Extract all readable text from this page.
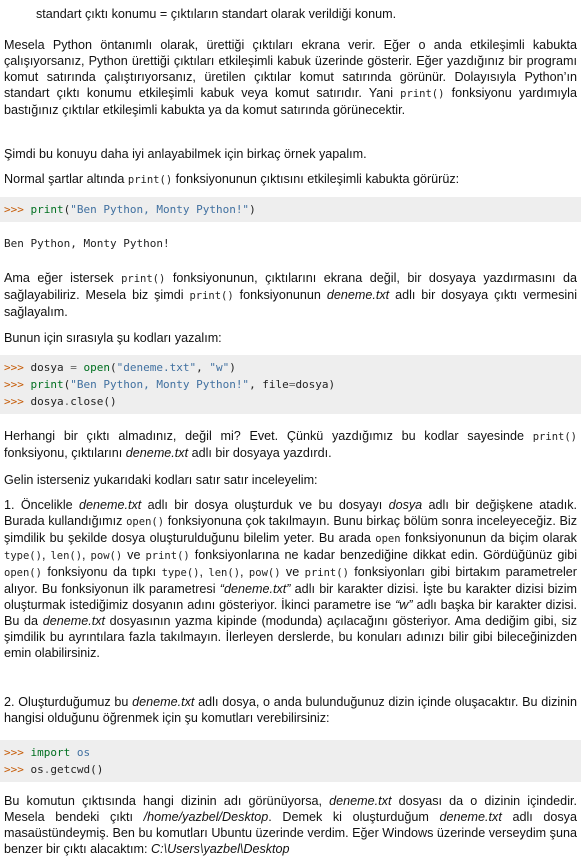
standart çıktı konumu = çıktıların standart olarak verildiği konum.

Mesela Python öntanımlı olarak, ürettiği çıktıları ekrana verir. Eğer o anda etkileşimli kabukta çalışıyorsanız, Python ürettiği çıktıları etkileşimli kabuk üzerinde gösterir. Eğer yazdığınız bir programı komut satırında çalıştırıyorsanız, üretilen çıktılar komut satırında görünür. Dolayısıyla Python’ın standart çıktı konumu etkileşimli kabuk veya komut satırıdır. Yani print() fonksiyonu yardımıyla bastığınız çıktılar etkileşimli kabukta ya da komut satırında görünecektir.

Şimdi bu konuyu daha iyi anlayabilmek için birkaç örnek yapalım.

Normal şartlar altında print() fonksiyonunun çıktısını etkileşimli kabukta görürüz:

>>> print("Ben Python, Monty Python!")
Ben Python, Monty Python!

Ama eğer istersek print() fonksiyonunun, çıktılarını ekrana değil, bir dosyaya yazdırmasını da sağlayabiliriz. Mesela biz şimdi print() fonksiyonunun deneme.txt adlı bir dosyaya çıktı vermesini sağlayalım.

Bunun için sırasıyla şu kodları yazalım:

>>> dosya = open("deneme.txt", "w")
>>> print("Ben Python, Monty Python!", file=dosya)
>>> dosya.close()

Herhangi bir çıktı almadınız, değil mi? Evet. Çünkü yazdığımız bu kodlar sayesinde print() fonksiyonu, çıktılarını deneme.txt adlı bir dosyaya yazdırdı.

Gelin isterseniz yukarıdaki kodları satır satır inceleyelim:

1. Öncelikle deneme.txt adlı bir dosya oluşturduk ve bu dosyayı dosya adlı bir değişkene atadık. Burada kullandığımız open() fonksiyonuna çok takılmayın. Bunu birkaç bölüm sonra inceleyeceğiz. Biz şimdilik bu şekilde dosya oluşturulduğunu bilelim yeter. Bu arada open fonksiyonunun da biçim olarak type(), len(), pow() ve print() fonksiyonlarına ne kadar benzediğine dikkat edin. Gördüğünüz gibi open() fonksiyonu da tıpkı type(), len(), pow() ve print() fonksiyonları gibi birtakım parametreler alıyor. Bu fonksiyonun ilk parametresi “deneme.txt” adlı bir karakter dizisi. İşte bu karakter dizisi bizim oluşturmak istediğimiz dosyanın adını gösteriyor. İkinci parametre ise “w” adlı başka bir karakter dizisi. Bu da deneme.txt dosyasının yazma kipinde (modunda) açılacağını gösteriyor. Ama dediğim gibi, siz şimdilik bu ayrıntılara fazla takılmayın. İlerleyen derslerde, bu konuları adınızı bilir gibi bileceğinizden emin olabilirsiniz.

2. Oluşturduğumuz bu deneme.txt adlı dosya, o anda bulunduğunuz dizin içinde oluşacaktır. Bu dizinin hangisi olduğunu öğrenmek için şu komutları verebilirsiniz:

>>> import os
>>> os.getcwd()

Bu komutun çıktısında hangi dizinin adı görünüyorsa, deneme.txt dosyası da o dizinin içindedir. Mesela bendeki çıktı /home/yazbel/Desktop. Demek ki oluşturduğum deneme.txt adlı dosya masaüstündeymiş. Ben bu komutları Ubuntu üzerinde verdim. Eğer Windows üzerinde verseydim şuna benzer bir çıktı alacaktım: C:\Users\yazbel\Desktop
